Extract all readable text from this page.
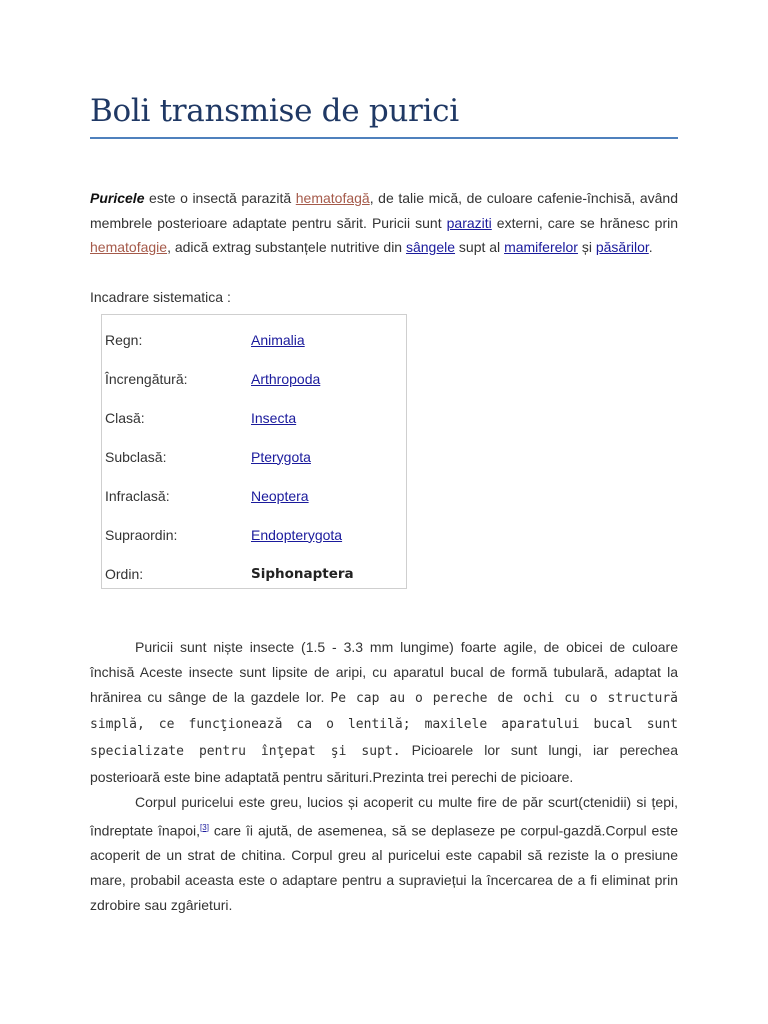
Boli transmise de purici

Puricele este o insectă parazită hematofagă, de talie mică, de culoare cafenie-închisă, având membrele posterioare adaptate pentru sărit. Puricii sunt paraziti externi, care se hrănesc prin hematofagie, adică extrag substanțele nutritive din sângele supt al mamiferelor și păsărilor.

Incadrare sistematica :

Regn:	Animalia
Încrengătură:	Arthropoda
Clasă:	Insecta
Subclasă:	Pterygota
Infraclasă:	Neoptera
Supraordin:	Endopterygota
Ordin:	Siphonaptera

Puricii sunt niște insecte (1.5 - 3.3 mm lungime) foarte agile, de obicei de culoare închisă Aceste insecte sunt lipsite de aripi, cu aparatul bucal de formă tubulară, adaptat la hrănirea cu sânge de la gazdele lor. Pe cap au o pereche de ochi cu o structură simplă, ce funcţionează ca o lentilă; maxilele aparatului bucal sunt specializate pentru înţepat şi supt. Picioarele lor sunt lungi, iar perechea posterioară este bine adaptată pentru sărituri.Prezinta trei perechi de picioare.

Corpul puricelui este greu, lucios și acoperit cu multe fire de păr scurt(ctenidii) si țepi, îndreptate înapoi,[3] care îi ajută, de asemenea, să se deplaseze pe corpul-gazdă.Corpul este acoperit de un strat de chitina. Corpul greu al puricelui este capabil să reziste la o presiune mare, probabil aceasta este o adaptare pentru a supraviețui la încercarea de a fi eliminat prin zdrobire sau zgârieturi.
